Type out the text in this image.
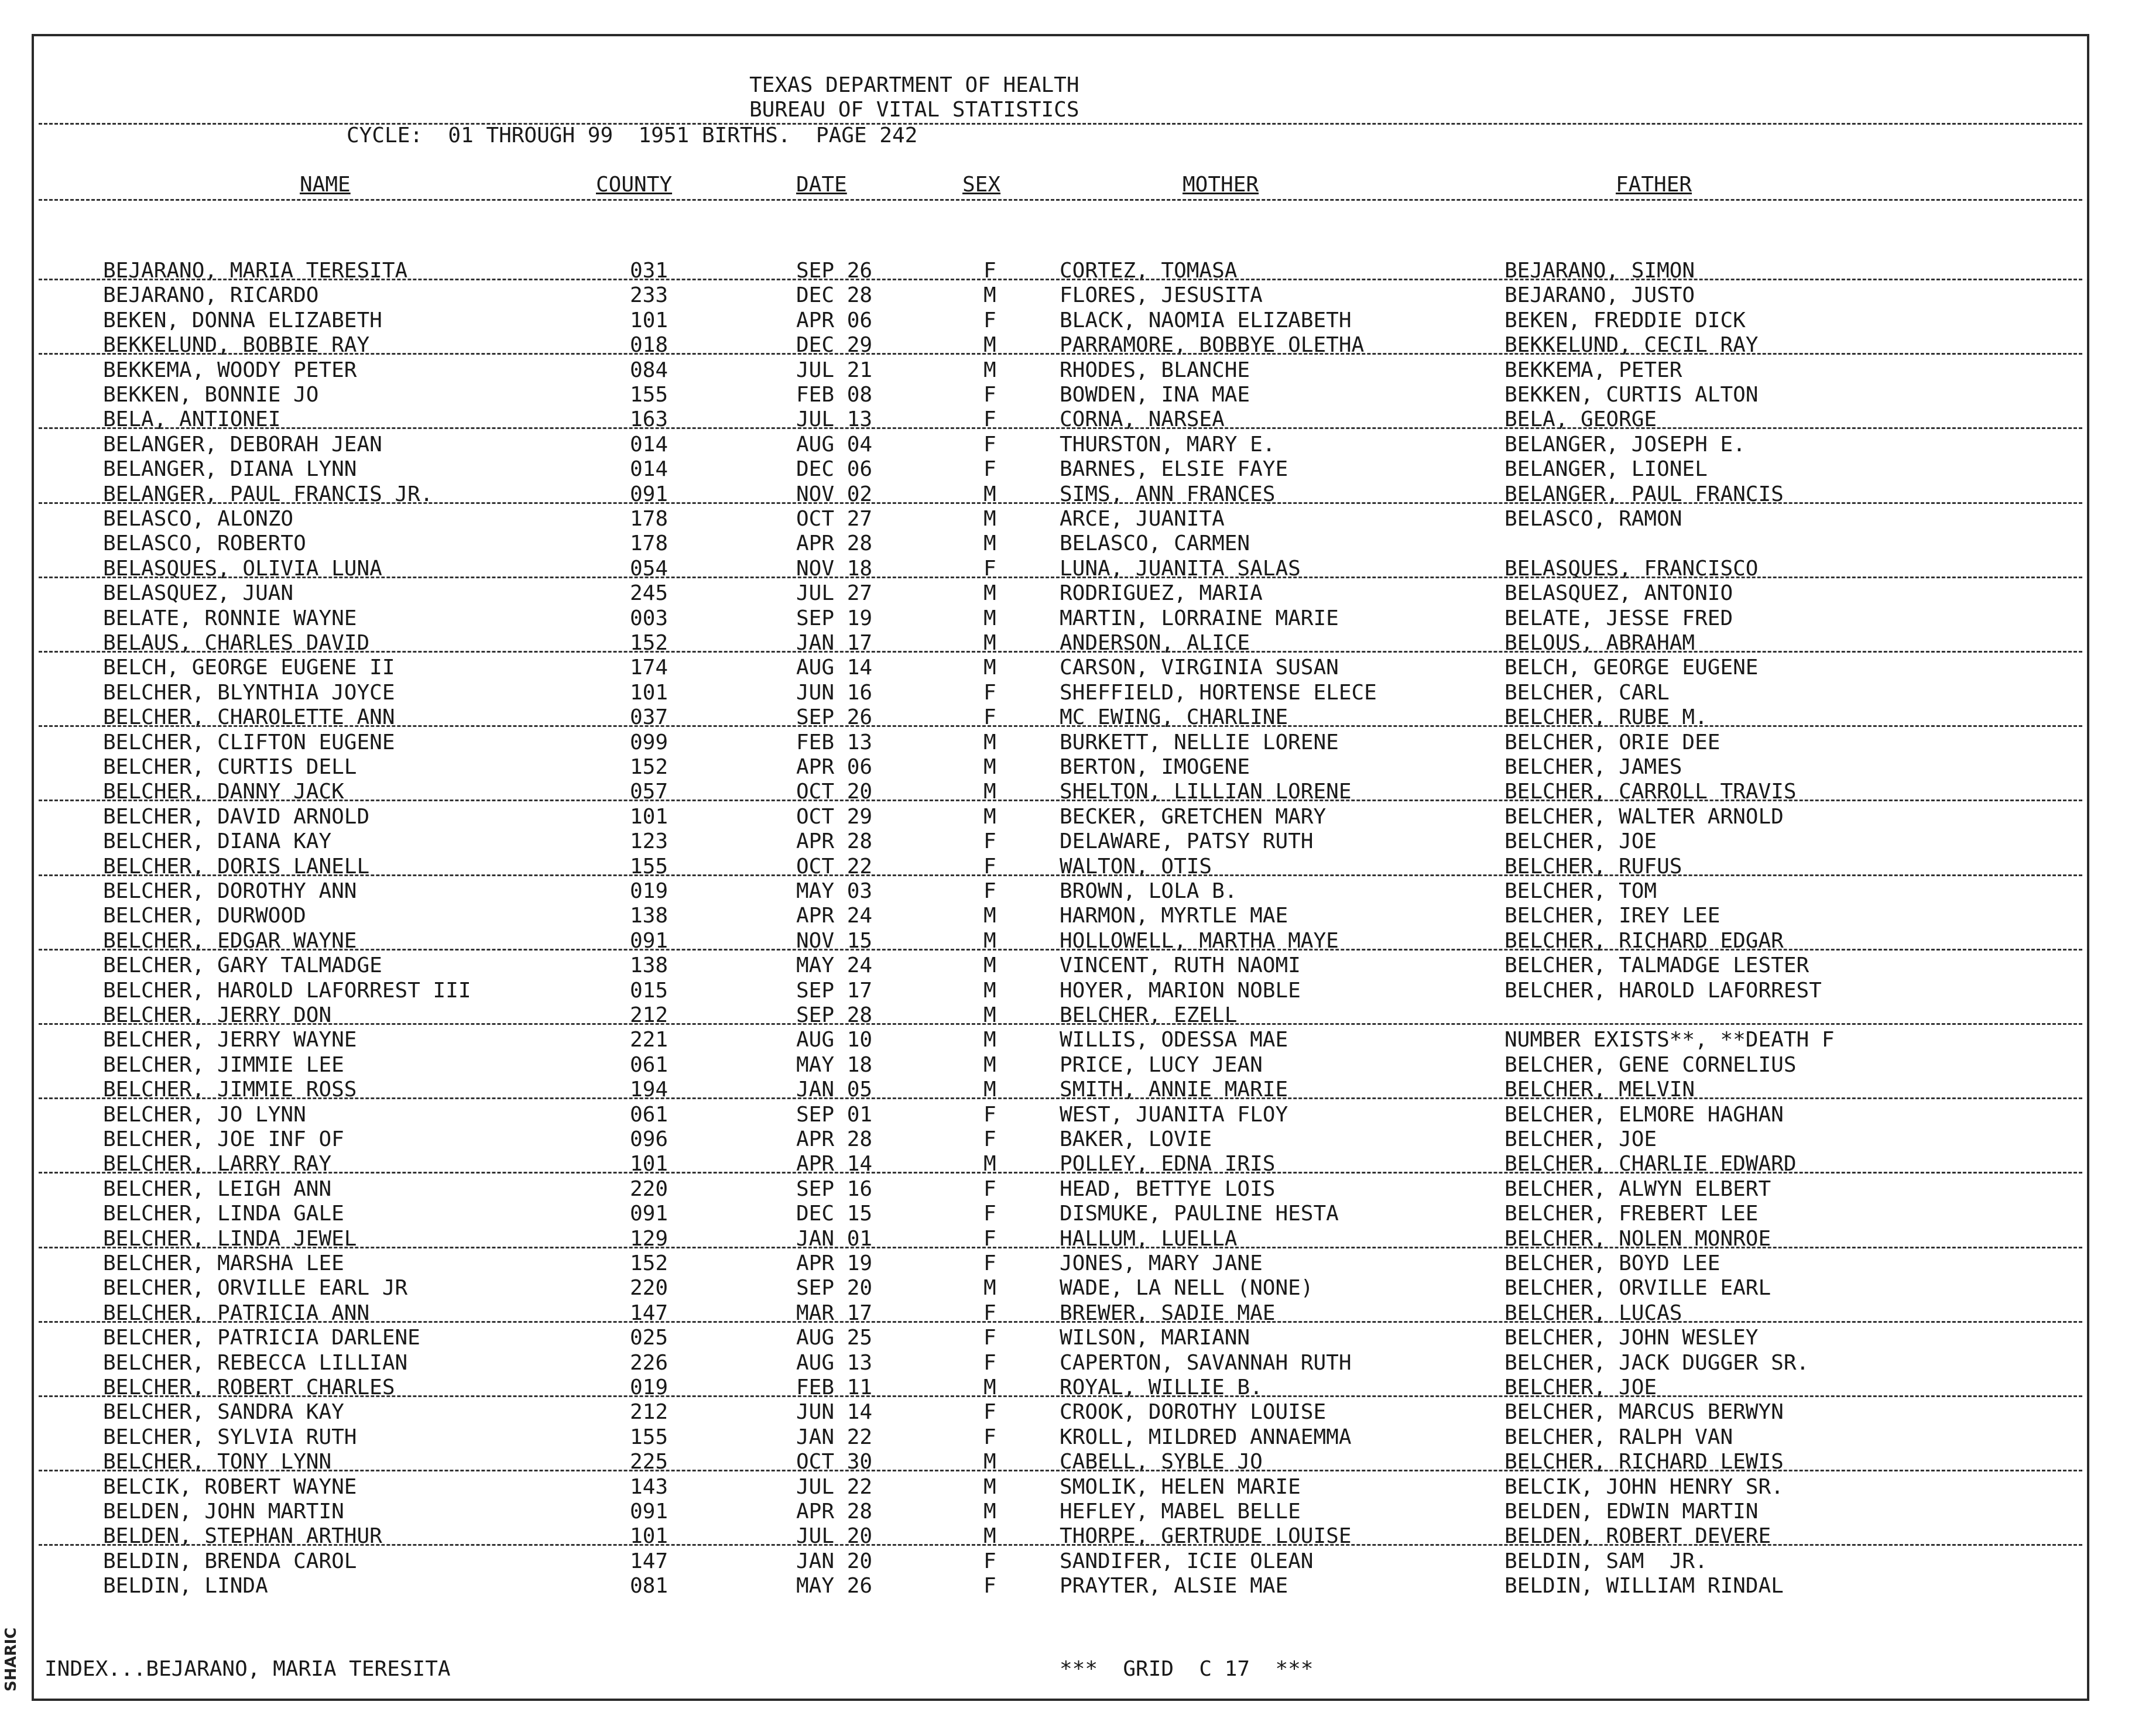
TEXAS DEPARTMENT OF HEALTH
BUREAU OF VITAL STATISTICS
CYCLE:  01 THROUGH 99  1951 BIRTHS.  PAGE 242
NAME	COUNTY	DATE	SEX	MOTHER	FATHER
BEJARANO, MARIA TERESITA	031	SEP 26	F	CORTEZ, TOMASA	BEJARANO, SIMON
BEJARANO, RICARDO	233	DEC 28	M	FLORES, JESUSITA	BEJARANO, JUSTO
BEKEN, DONNA ELIZABETH	101	APR 06	F	BLACK, NAOMIA ELIZABETH	BEKEN, FREDDIE DICK
BEKKELUND, BOBBIE RAY	018	DEC 29	M	PARRAMORE, BOBBYE OLETHA	BEKKELUND, CECIL RAY
BEKKEMA, WOODY PETER	084	JUL 21	M	RHODES, BLANCHE	BEKKEMA, PETER
BEKKEN, BONNIE JO	155	FEB 08	F	BOWDEN, INA MAE	BEKKEN, CURTIS ALTON
BELA, ANTIONEI	163	JUL 13	F	CORNA, NARSEA	BELA, GEORGE
BELANGER, DEBORAH JEAN	014	AUG 04	F	THURSTON, MARY E.	BELANGER, JOSEPH E.
BELANGER, DIANA LYNN	014	DEC 06	F	BARNES, ELSIE FAYE	BELANGER, LIONEL
BELANGER, PAUL FRANCIS JR.	091	NOV 02	M	SIMS, ANN FRANCES	BELANGER, PAUL FRANCIS
BELASCO, ALONZO	178	OCT 27	M	ARCE, JUANITA	BELASCO, RAMON
BELASCO, ROBERTO	178	APR 28	M	BELASCO, CARMEN
BELASQUES, OLIVIA LUNA	054	NOV 18	F	LUNA, JUANITA SALAS	BELASQUES, FRANCISCO
BELASQUEZ, JUAN	245	JUL 27	M	RODRIGUEZ, MARIA	BELASQUEZ, ANTONIO
BELATE, RONNIE WAYNE	003	SEP 19	M	MARTIN, LORRAINE MARIE	BELATE, JESSE FRED
BELAUS, CHARLES DAVID	152	JAN 17	M	ANDERSON, ALICE	BELOUS, ABRAHAM
BELCH, GEORGE EUGENE II	174	AUG 14	M	CARSON, VIRGINIA SUSAN	BELCH, GEORGE EUGENE
BELCHER, BLYNTHIA JOYCE	101	JUN 16	F	SHEFFIELD, HORTENSE ELECE	BELCHER, CARL
BELCHER, CHAROLETTE ANN	037	SEP 26	F	MC EWING, CHARLINE	BELCHER, RUBE M.
BELCHER, CLIFTON EUGENE	099	FEB 13	M	BURKETT, NELLIE LORENE	BELCHER, ORIE DEE
BELCHER, CURTIS DELL	152	APR 06	M	BERTON, IMOGENE	BELCHER, JAMES
BELCHER, DANNY JACK	057	OCT 20	M	SHELTON, LILLIAN LORENE	BELCHER, CARROLL TRAVIS
BELCHER, DAVID ARNOLD	101	OCT 29	M	BECKER, GRETCHEN MARY	BELCHER, WALTER ARNOLD
BELCHER, DIANA KAY	123	APR 28	F	DELAWARE, PATSY RUTH	BELCHER, JOE
BELCHER, DORIS LANELL	155	OCT 22	F	WALTON, OTIS	BELCHER, RUFUS
BELCHER, DOROTHY ANN	019	MAY 03	F	BROWN, LOLA B.	BELCHER, TOM
BELCHER, DURWOOD	138	APR 24	M	HARMON, MYRTLE MAE	BELCHER, IREY LEE
BELCHER, EDGAR WAYNE	091	NOV 15	M	HOLLOWELL, MARTHA MAYE	BELCHER, RICHARD EDGAR
BELCHER, GARY TALMADGE	138	MAY 24	M	VINCENT, RUTH NAOMI	BELCHER, TALMADGE LESTER
BELCHER, HAROLD LAFORREST III	015	SEP 17	M	HOYER, MARION NOBLE	BELCHER, HAROLD LAFORREST
BELCHER, JERRY DON	212	SEP 28	M	BELCHER, EZELL
BELCHER, JERRY WAYNE	221	AUG 10	M	WILLIS, ODESSA MAE	NUMBER EXISTS**, **DEATH F
BELCHER, JIMMIE LEE	061	MAY 18	M	PRICE, LUCY JEAN	BELCHER, GENE CORNELIUS
BELCHER, JIMMIE ROSS	194	JAN 05	M	SMITH, ANNIE MARIE	BELCHER, MELVIN
BELCHER, JO LYNN	061	SEP 01	F	WEST, JUANITA FLOY	BELCHER, ELMORE HAGHAN
BELCHER, JOE INF OF	096	APR 28	F	BAKER, LOVIE	BELCHER, JOE
BELCHER, LARRY RAY	101	APR 14	M	POLLEY, EDNA IRIS	BELCHER, CHARLIE EDWARD
BELCHER, LEIGH ANN	220	SEP 16	F	HEAD, BETTYE LOIS	BELCHER, ALWYN ELBERT
BELCHER, LINDA GALE	091	DEC 15	F	DISMUKE, PAULINE HESTA	BELCHER, FREBERT LEE
BELCHER, LINDA JEWEL	129	JAN 01	F	HALLUM, LUELLA	BELCHER, NOLEN MONROE
BELCHER, MARSHA LEE	152	APR 19	F	JONES, MARY JANE	BELCHER, BOYD LEE
BELCHER, ORVILLE EARL JR	220	SEP 20	M	WADE, LA NELL (NONE)	BELCHER, ORVILLE EARL
BELCHER, PATRICIA ANN	147	MAR 17	F	BREWER, SADIE MAE	BELCHER, LUCAS
BELCHER, PATRICIA DARLENE	025	AUG 25	F	WILSON, MARIANN	BELCHER, JOHN WESLEY
BELCHER, REBECCA LILLIAN	226	AUG 13	F	CAPERTON, SAVANNAH RUTH	BELCHER, JACK DUGGER SR.
BELCHER, ROBERT CHARLES	019	FEB 11	M	ROYAL, WILLIE B.	BELCHER, JOE
BELCHER, SANDRA KAY	212	JUN 14	F	CROOK, DOROTHY LOUISE	BELCHER, MARCUS BERWYN
BELCHER, SYLVIA RUTH	155	JAN 22	F	KROLL, MILDRED ANNAEMMA	BELCHER, RALPH VAN
BELCHER, TONY LYNN	225	OCT 30	M	CABELL, SYBLE JO	BELCHER, RICHARD LEWIS
BELCIK, ROBERT WAYNE	143	JUL 22	M	SMOLIK, HELEN MARIE	BELCIK, JOHN HENRY SR.
BELDEN, JOHN MARTIN	091	APR 28	M	HEFLEY, MABEL BELLE	BELDEN, EDWIN MARTIN
BELDEN, STEPHAN ARTHUR	101	JUL 20	M	THORPE, GERTRUDE LOUISE	BELDEN, ROBERT DEVERE
BELDIN, BRENDA CAROL	147	JAN 20	F	SANDIFER, ICIE OLEAN	BELDIN, SAM  JR.
BELDIN, LINDA	081	MAY 26	F	PRAYTER, ALSIE MAE	BELDIN, WILLIAM RINDAL
INDEX...BEJARANO, MARIA TERESITA	***  GRID  C 17  ***
SHARIC
